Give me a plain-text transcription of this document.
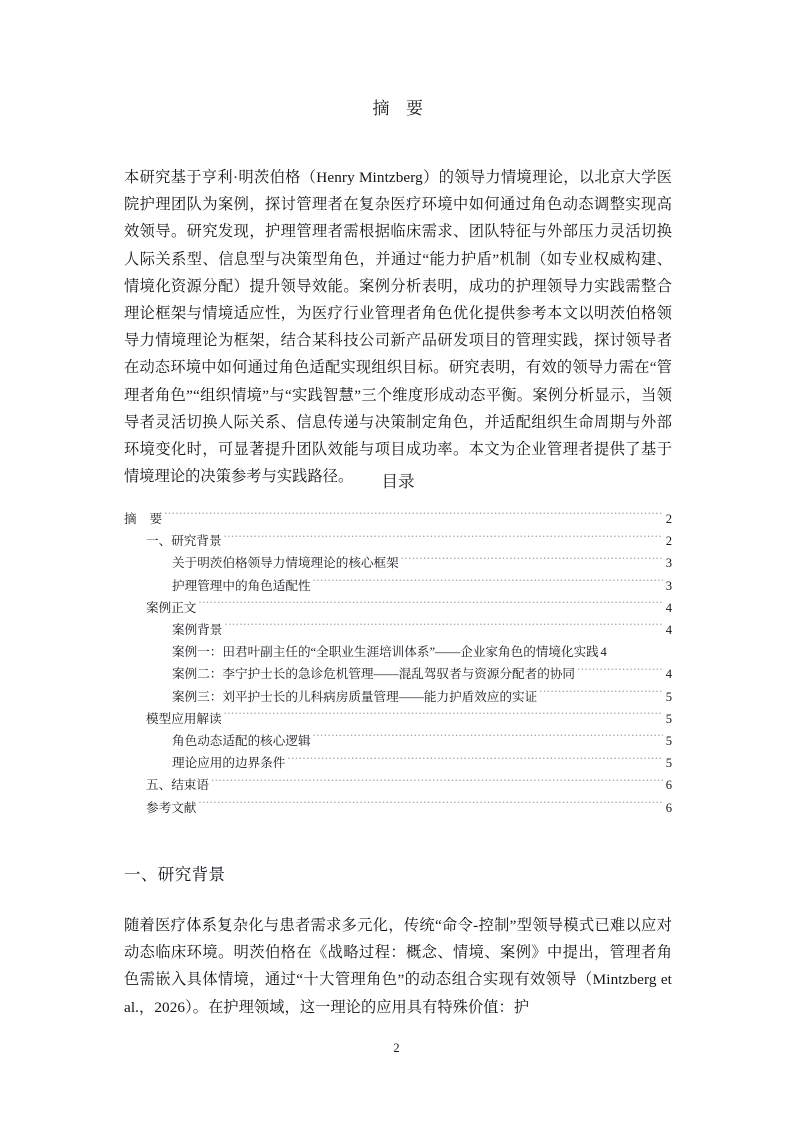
摘 要

本研究基于亨利·明茨伯格（Henry Mintzberg）的领导力情境理论，以北京大学医院护理团队为案例，探讨管理者在复杂医疗环境中如何通过角色动态调整实现高效领导。研究发现，护理管理者需根据临床需求、团队特征与外部压力灵活切换人际关系型、信息型与决策型角色，并通过“能力护盾”机制（如专业权威构建、情境化资源分配）提升领导效能。案例分析表明，成功的护理领导力实践需整合理论框架与情境适应性，为医疗行业管理者角色优化提供参考本文以明茨伯格领导力情境理论为框架，结合某科技公司新产品研发项目的管理实践，探讨领导者在动态环境中如何通过角色适配实现组织目标。研究表明，有效的领导力需在“管理者角色”“组织情境”与“实践智慧”三个维度形成动态平衡。案例分析显示，当领导者灵活切换人际关系、信息传递与决策制定角色，并适配组织生命周期与外部环境变化时，可显著提升团队效能与项目成功率。本文为企业管理者提供了基于情境理论的决策参考与实践路径。	目录
摘 要 .....	2
一、研究背景 .....	2
关于明茨伯格领导力情境理论的核心框架 .....	3
护理管理中的角色适配性 .....	3
案例正文 .....	4
案例背景 .....	4
案例一：田君叶副主任的“全职业生涯培训体系”——企业家角色的情境化实践 4
案例二：李宁护士长的急诊危机管理——混乱驾驭者与资源分配者的协同 .....	4
案例三：刘平护士长的儿科病房质量管理——能力护盾效应的实证 .....	5
模型应用解读 .....	5
角色动态适配的核心逻辑 .....	5
理论应用的边界条件 .....	5
五、结束语 .....	6
参考文献 .....	6
一、研究背景

随着医疗体系复杂化与患者需求多元化，传统“命令-控制”型领导模式已难以应对动态临床环境。明茨伯格在《战略过程：概念、情境、案例》中提出，管理者角色需嵌入具体情境，通过“十大管理角色”的动态组合实现有效领导（Mintzberg et al.，2026）。在护理领域，这一理论的应用具有特殊价值：护

2
